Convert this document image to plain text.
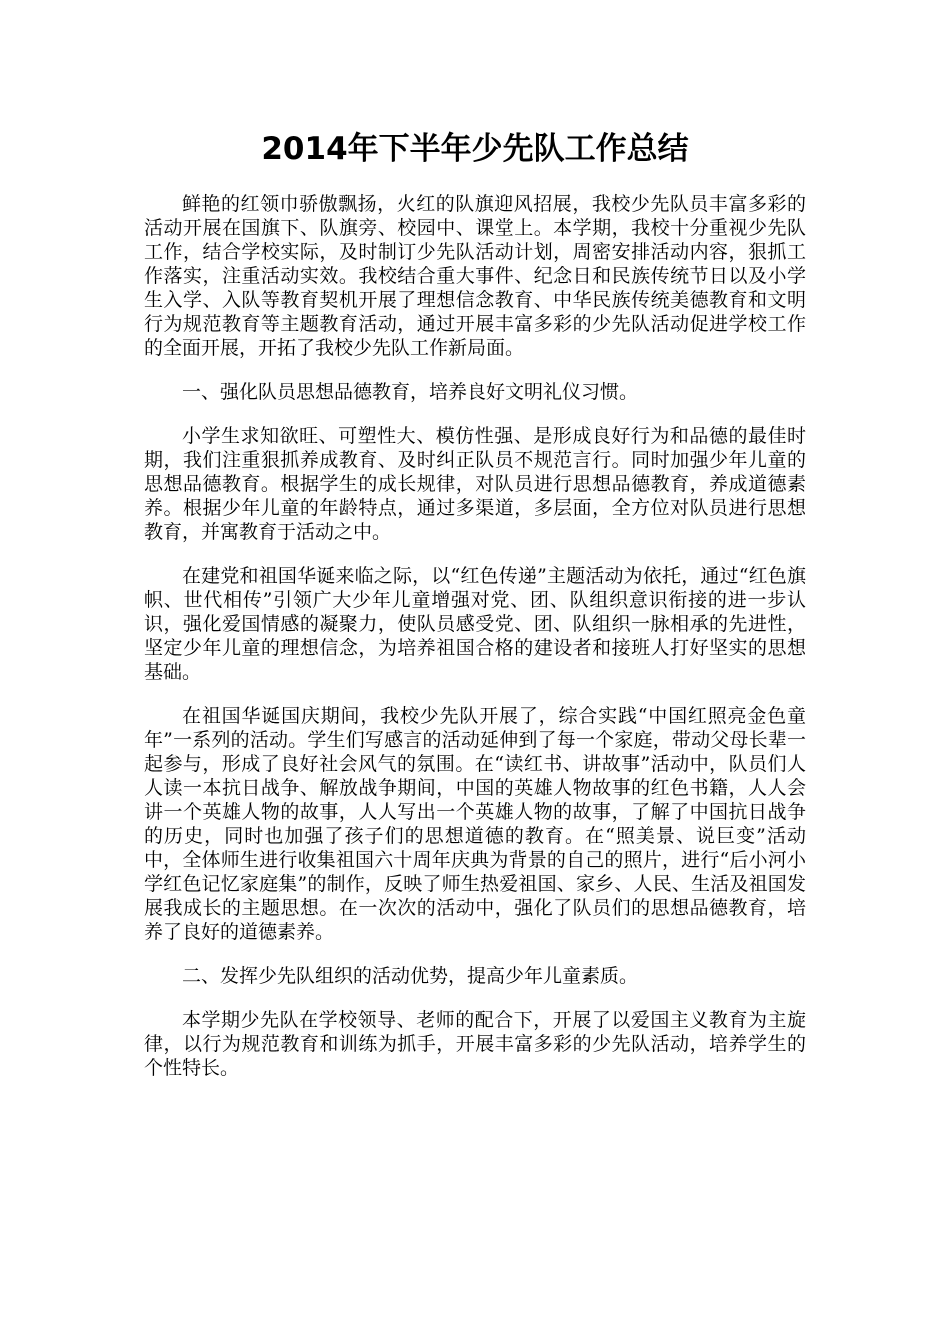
2014年下半年少先队工作总结

鲜艳的红领巾骄傲飘扬，火红的队旗迎风招展，我校少先队员丰富多彩的活动开展在国旗下、队旗旁、校园中、课堂上。本学期，我校十分重视少先队工作，结合学校实际，及时制订少先队活动计划，周密安排活动内容，狠抓工作落实，注重活动实效。我校结合重大事件、纪念日和民族传统节日以及小学生入学、入队等教育契机开展了理想信念教育、中华民族传统美德教育和文明行为规范教育等主题教育活动，通过开展丰富多彩的少先队活动促进学校工作的全面开展，开拓了我校少先队工作新局面。

一、强化队员思想品德教育，培养良好文明礼仪习惯。

小学生求知欲旺、可塑性大、模仿性强、是形成良好行为和品德的最佳时期，我们注重狠抓养成教育、及时纠正队员不规范言行。同时加强少年儿童的思想品德教育。根据学生的成长规律，对队员进行思想品德教育，养成道德素养。根据少年儿童的年龄特点，通过多渠道，多层面，全方位对队员进行思想教育，并寓教育于活动之中。

在建党和祖国华诞来临之际，以“红色传递”主题活动为依托，通过“红色旗帜、世代相传”引领广大少年儿童增强对党、团、队组织意识衔接的进一步认识，强化爱国情感的凝聚力，使队员感受党、团、队组织一脉相承的先进性，坚定少年儿童的理想信念，为培养祖国合格的建设者和接班人打好坚实的思想基础。

在祖国华诞国庆期间，我校少先队开展了，综合实践“中国红照亮金色童年”一系列的活动。学生们写感言的活动延伸到了每一个家庭，带动父母长辈一起参与，形成了良好社会风气的氛围。在“读红书、讲故事”活动中，队员们人人读一本抗日战争、解放战争期间，中国的英雄人物故事的红色书籍，人人会讲一个英雄人物的故事，人人写出一个英雄人物的故事，了解了中国抗日战争的历史，同时也加强了孩子们的思想道德的教育。在“照美景、说巨变”活动中，全体师生进行收集祖国六十周年庆典为背景的自己的照片，进行“后小河小学红色记忆家庭集”的制作，反映了师生热爱祖国、家乡、人民、生活及祖国发展我成长的主题思想。在一次次的活动中，强化了队员们的思想品德教育，培养了良好的道德素养。

二、发挥少先队组织的活动优势，提高少年儿童素质。

本学期少先队在学校领导、老师的配合下，开展了以爱国主义教育为主旋律，以行为规范教育和训练为抓手，开展丰富多彩的少先队活动，培养学生的个性特长。
